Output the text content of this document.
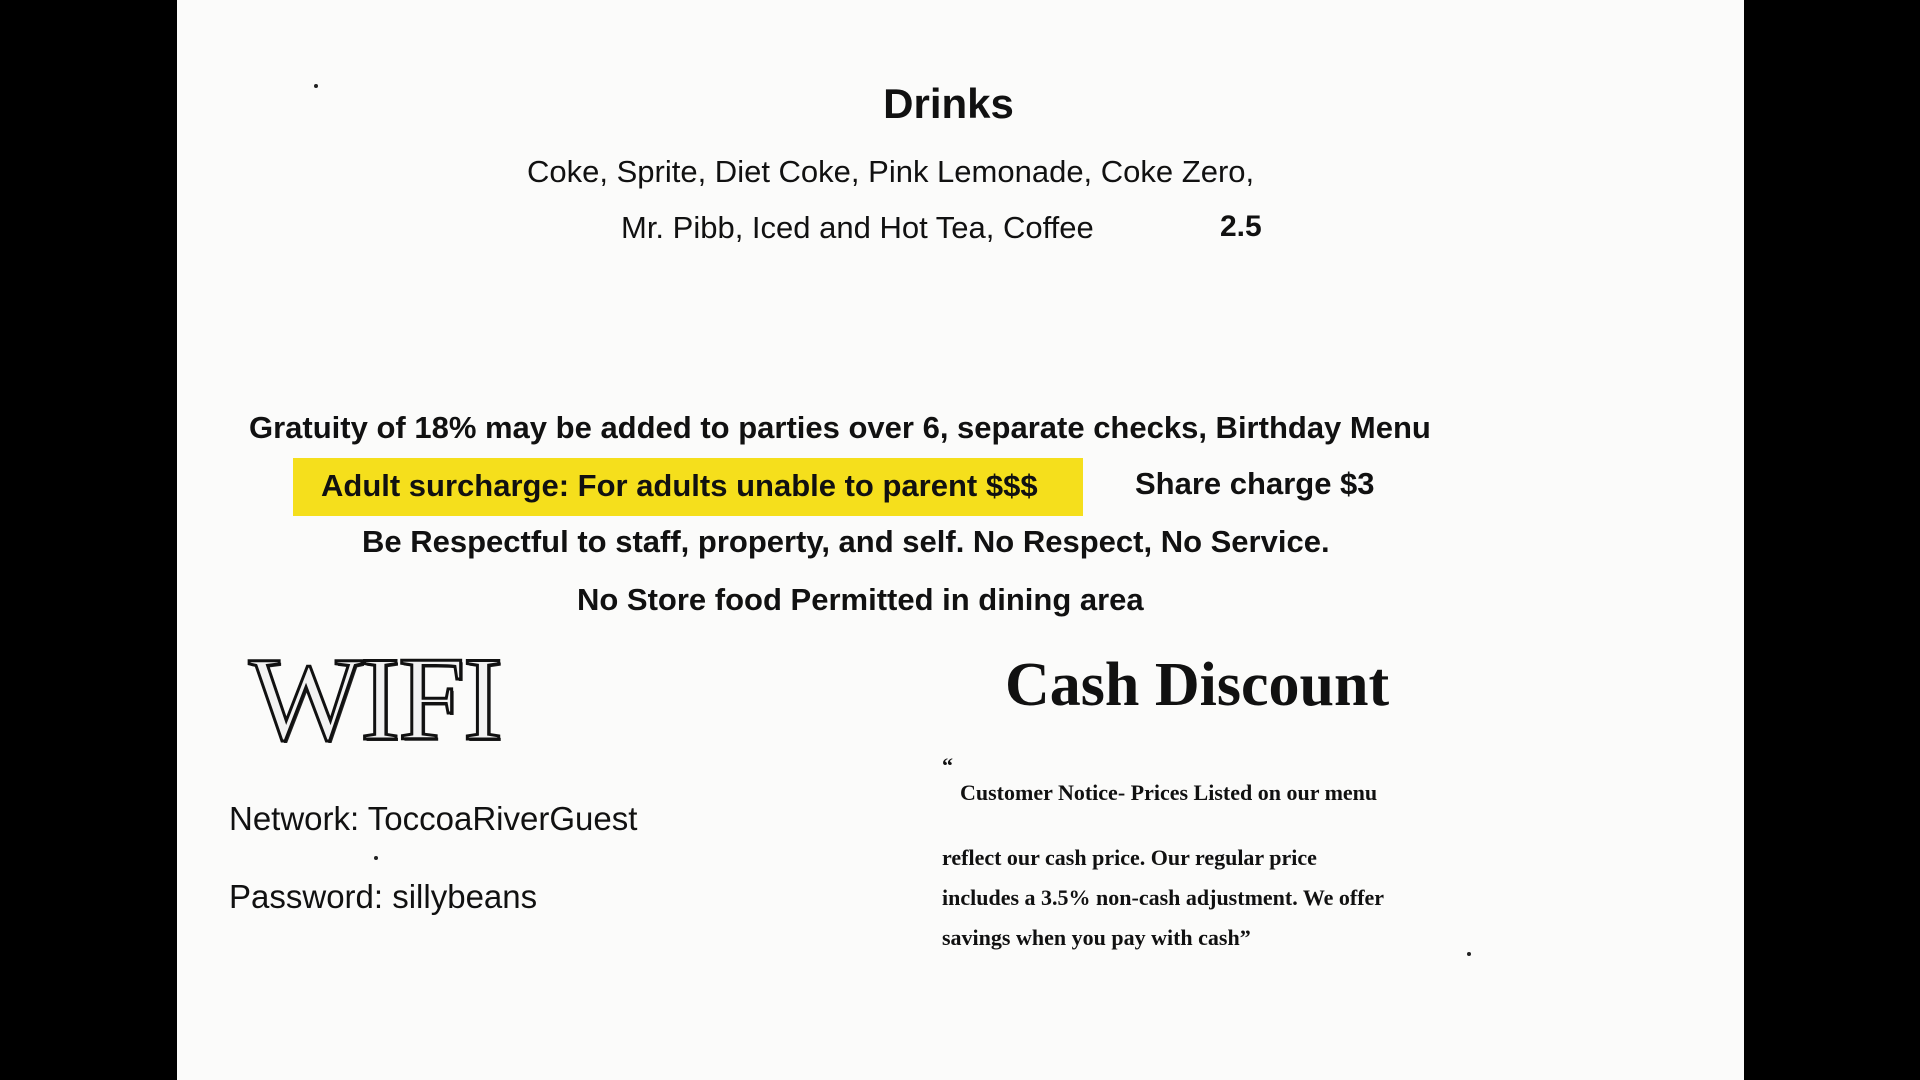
Drinks
Coke, Sprite, Diet Coke, Pink Lemonade, Coke Zero,
Mr. Pibb, Iced and Hot Tea, Coffee	2.5
Gratuity of 18% may be added to parties over 6, separate checks, Birthday Menu
Adult surcharge: For adults unable to parent $$$	Share charge $3
Be Respectful to staff, property, and self. No Respect, No Service.
No Store food Permitted in dining area
WIFI
Network: ToccoaRiverGuest
Password: sillybeans
Cash Discount
“
Customer Notice- Prices Listed on our menu
reflect our cash price. Our regular price
includes a 3.5% non-cash adjustment. We offer
savings when you pay with cash”
